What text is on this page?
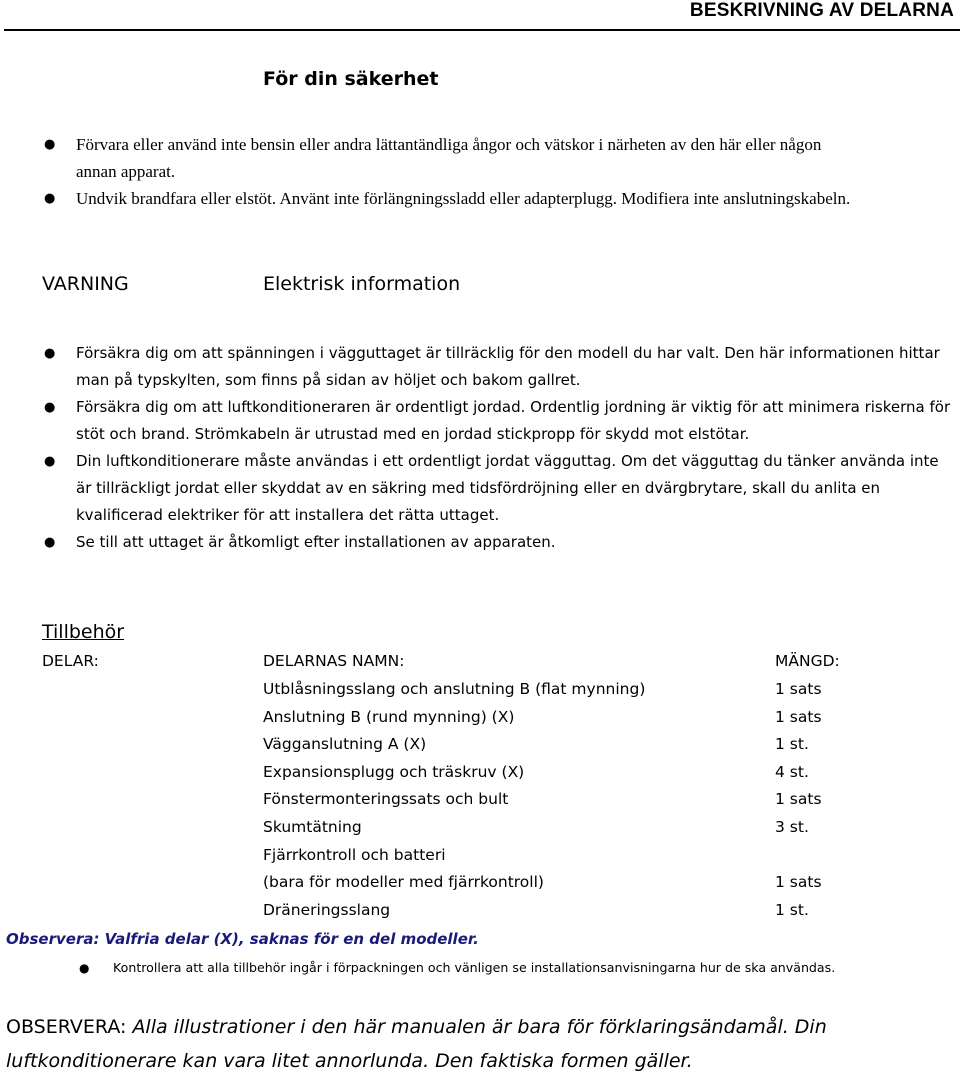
BESKRIVNING AV DELARNA
För din säkerhet
● Förvara eller använd inte bensin eller andra lättantändliga ångor och vätskor i närheten av den här eller någon annan apparat.
● Undvik brandfara eller elstöt. Använt inte förlängningssladd eller adapterplugg. Modifiera inte anslutningskabeln.
VARNING	Elektrisk information
● Försäkra dig om att spänningen i vägguttaget är tillräcklig för den modell du har valt. Den här informationen hittar man på typskylten, som finns på sidan av höljet och bakom gallret.
● Försäkra dig om att luftkonditioneraren är ordentligt jordad. Ordentlig jordning är viktig för att minimera riskerna för stöt och brand. Strömkabeln är utrustad med en jordad stickpropp för skydd mot elstötar.
● Din luftkonditionerare måste användas i ett ordentligt jordat vägguttag. Om det vägguttag du tänker använda inte är tillräckligt jordat eller skyddat av en säkring med tidsfördröjning eller en dvärgbrytare, skall du anlita en kvalificerad elektriker för att installera det rätta uttaget.
● Se till att uttaget är åtkomligt efter installationen av apparaten.
Tillbehör
DELAR:	DELARNAS NAMN:	MÄNGD:
Utblåsningsslang och anslutning B (flat mynning)	1 sats
Anslutning B (rund mynning) (X)	1 sats
Vägganslutning A (X)	1 st.
Expansionsplugg och träskruv (X)	4 st.
Fönstermonteringssats och bult	1 sats
Skumtätning	3 st.
Fjärrkontroll och batteri
(bara för modeller med fjärrkontroll)	1 sats
Dräneringsslang	1 st.
Observera: Valfria delar (X), saknas för en del modeller.
● Kontrollera att alla tillbehör ingår i förpackningen och vänligen se installationsanvisningarna hur de ska användas.
OBSERVERA: Alla illustrationer i den här manualen är bara för förklaringsändamål. Din luftkonditionerare kan vara litet annorlunda. Den faktiska formen gäller.
